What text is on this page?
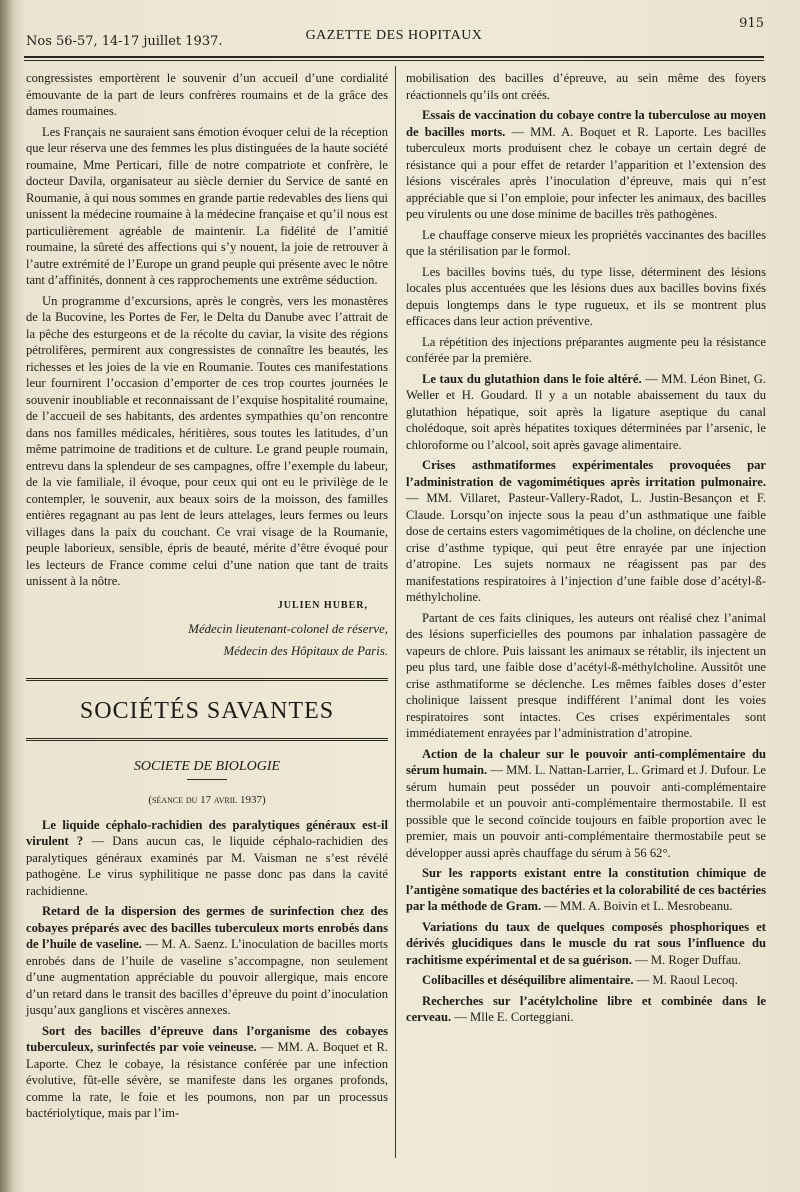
Nos 56-57, 14-17 juillet 1937.	GAZETTE DES HOPITAUX
915

congressistes emportèrent le souvenir d’un accueil d’une cordialité émouvante de la part de leurs confrères roumains et de la grâce des dames roumaines.

Les Français ne sauraient sans émotion évoquer celui de la réception que leur réserva une des femmes les plus distinguées de la haute société roumaine, Mme Perticari, fille de notre compatriote et confrère, le docteur Davila, organisateur au siècle dernier du Service de santé en Roumanie, à qui nous sommes en grande partie redevables des liens qui unissent la médecine roumaine à la médecine française et qu’il nous est particulièrement agréable de maintenir. La fidélité de l’amitié roumaine, la sûreté des affections qui s’y nouent, la joie de retrouver à l’autre extrémité de l’Europe un grand peuple qui présente avec le nôtre tant d’affinités, donnent à ces rapprochements une extrême séduction.

Un programme d’excursions, après le congrès, vers les monastères de la Bucovine, les Portes de Fer, le Delta du Danube avec l’attrait de la pêche des esturgeons et de la récolte du caviar, la visite des régions pétrolifères, permirent aux congressistes de connaître les beautés, les richesses et les joies de la vie en Roumanie. Toutes ces manifestations leur fournirent l’occasion d’emporter de ces trop courtes journées le souvenir inoubliable et reconnaissant de l’exquise hospitalité roumaine, de l’accueil de ses habitants, des ardentes sympathies qu’on rencontre dans nos familles médicales, héritières, sous toutes les latitudes, d’un même patrimoine de traditions et de culture. Le grand peuple roumain, entrevu dans la splendeur de ses campagnes, offre l’exemple du labeur, de la vie familiale, il évoque, pour ceux qui ont eu le privilège de le contempler, le souvenir, aux beaux soirs de la moisson, des familles entières regagnant au pas lent de leurs attelages, leurs fermes ou leurs villages dans la paix du couchant. Ce vrai visage de la Roumanie, peuple laborieux, sensible, épris de beauté, mérite d’être évoqué pour les lecteurs de France comme celui d’une nation que tant de traits unissent à la nôtre.

JULIEN HUBER,

Médecin lieutenant-colonel de réserve,

Médecin des Hôpitaux de Paris.

SOCIÉTÉS SAVANTES
SOCIETE DE BIOLOGIE
(séance du 17 avril 1937)

Le liquide céphalo-rachidien des paralytiques généraux est-il virulent ? — Dans aucun cas, le liquide céphalo-rachidien des paralytiques généraux examinés par M. Vaisman ne s’est révélé pathogène. Le virus syphilitique ne passe donc pas dans la cavité rachidienne.

Retard de la dispersion des germes de surinfection chez des cobayes préparés avec des bacilles tuberculeux morts enrobés dans de l’huile de vaseline. — M. A. Saenz. L’inoculation de bacilles morts enrobés dans de l’huile de vaseline s’accompagne, non seulement d’une augmentation appréciable du pouvoir allergique, mais encore d’un retard dans le transit des bacilles d’épreuve du point d’inoculation jusqu’aux ganglions et viscères annexes.

Sort des bacilles d’épreuve dans l’organisme des cobayes tuberculeux, surinfectés par voie veineuse. — MM. A. Boquet et R. Laporte. Chez le cobaye, la résistance conférée par une infection évolutive, fût-elle sévère, se manifeste dans les organes profonds, comme la rate, le foie et les poumons, non par un processus bactériolytique, mais par l’im-

mobilisation des bacilles d’épreuve, au sein même des foyers réactionnels qu’ils ont créés.

Essais de vaccination du cobaye contre la tuberculose au moyen de bacilles morts. — MM. A. Boquet et R. Laporte. Les bacilles tuberculeux morts produisent chez le cobaye un certain degré de résistance qui a pour effet de retarder l’apparition et l’extension des lésions viscérales après l’inoculation d’épreuve, mais qui n’est appréciable que si l’on emploie, pour infecter les animaux, des bacilles peu virulents ou une dose minime de bacilles très pathogènes.

Le chauffage conserve mieux les propriétés vaccinantes des bacilles que la stérilisation par le formol.

Les bacilles bovins tués, du type lisse, déterminent des lésions locales plus accentuées que les lésions dues aux bacilles bovins fixés depuis longtemps dans le type rugueux, et ils se montrent plus efficaces dans leur action préventive.

La répétition des injections préparantes augmente peu la résistance conférée par la première.

Le taux du glutathion dans le foie altéré. — MM. Léon Binet, G. Weller et H. Goudard. Il y a un notable abaissement du taux du glutathion hépatique, soit après la ligature aseptique du canal cholédoque, soit après hépatites toxiques déterminées par l’arsenic, le chloroforme ou l’alcool, soit après gavage alimentaire.

Crises asthmatiformes expérimentales provoquées par l’administration de vagomimétiques après irritation pulmonaire. — MM. Villaret, Pasteur-Vallery-Radot, L. Justin-Besançon et F. Claude. Lorsqu’on injecte sous la peau d’un asthmatique une faible dose de certains esters vagomimétiques de la choline, on déclenche une crise d’asthme typique, qui peut être enrayée par une injection d’atropine. Les sujets normaux ne réagissent pas par des manifestations respiratoires à l’injection d’une faible dose d’acétyl-ß-méthylcholine.

Partant de ces faits cliniques, les auteurs ont réalisé chez l’animal des lésions superficielles des poumons par inhalation passagère de vapeurs de chlore. Puis laissant les animaux se rétablir, ils injectent un peu plus tard, une faible dose d’acétyl-ß-méthylcholine. Aussitôt une crise asthmatiforme se déclenche. Les mêmes faibles doses d’ester cholinique laissent presque indifférent l’animal dont les voies respiratoires sont intactes. Ces crises expérimentales sont immédiatement enrayées par l’administration d’atropine.

Action de la chaleur sur le pouvoir anti-complémentaire du sérum humain. — MM. L. Nattan-Larrier, L. Grimard et J. Dufour. Le sérum humain peut posséder un pouvoir anti-complémentaire thermolabile et un pouvoir anti-complémentaire thermostabile. Il est possible que le second coïncide toujours en faible proportion avec le premier, mais un pouvoir anti-complémentaire thermostabile peut se développer aussi après chauffage du sérum à 56 62°.

Sur les rapports existant entre la constitution chimique de l’antigène somatique des bactéries et la colorabilité de ces bactéries par la méthode de Gram. — MM. A. Boivin et L. Mesrobeanu.

Variations du taux de quelques composés phosphoriques et dérivés glucidiques dans le muscle du rat sous l’influence du rachitisme expérimental et de sa guérison. — M. Roger Duffau.

Colibacilles et déséquilibre alimentaire. — M. Raoul Lecoq.

Recherches sur l’acétylcholine libre et combinée dans le cerveau. — Mlle E. Corteggiani.
